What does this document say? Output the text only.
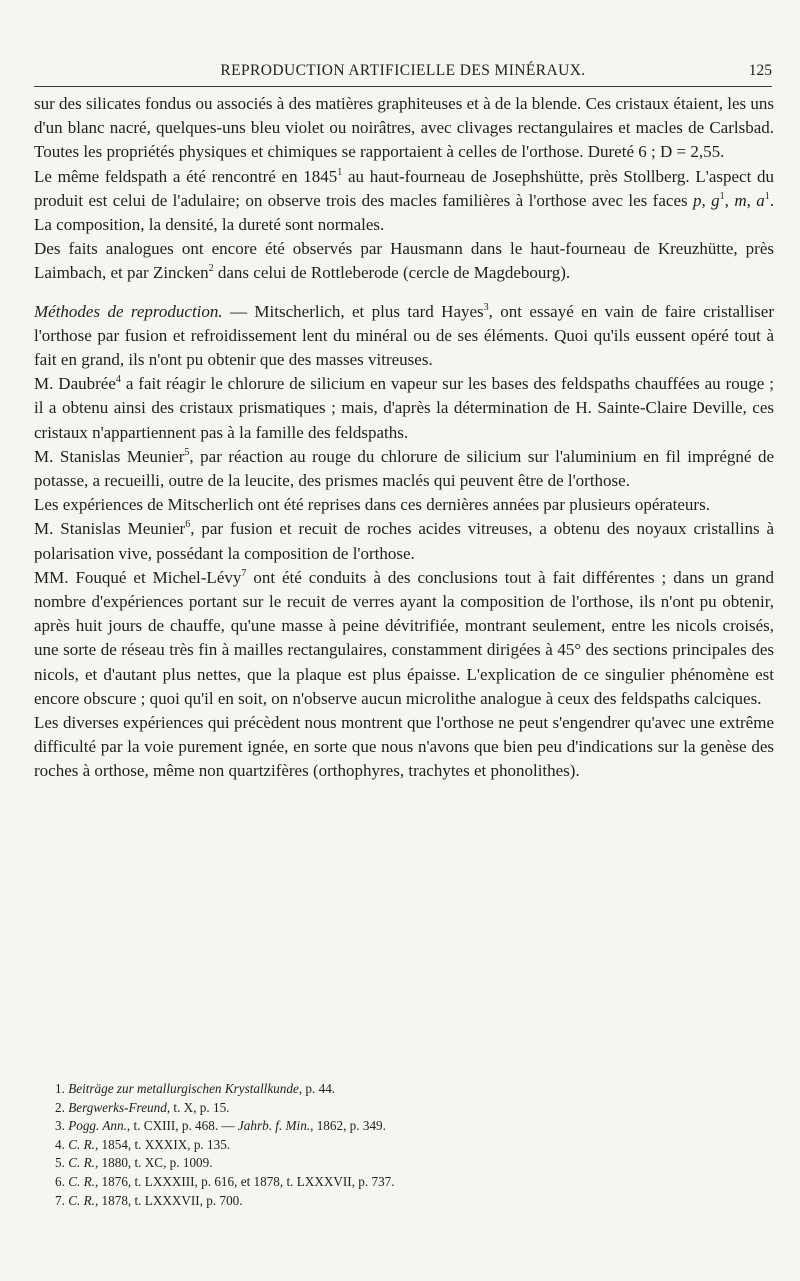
REPRODUCTION ARTIFICIELLE DES MINÉRAUX.	125

sur des silicates fondus ou associés à des matières graphiteuses et à de la blende. Ces cristaux étaient, les uns d'un blanc nacré, quelques-uns bleu violet ou noirâtres, avec clivages rectangulaires et macles de Carlsbad. Toutes les propriétés physiques et chimiques se rapportaient à celles de l'orthose. Dureté 6 ; D = 2,55.

Le même feldspath a été rencontré en 1845$^1$ au haut-fourneau de Josephshütte, près Stollberg. L'aspect du produit est celui de l'adulaire; on observe trois des macles familières à l'orthose avec les faces p, $g^1$, m, $a^1$. La composition, la densité, la dureté sont normales.

Des faits analogues ont encore été observés par Hausmann dans le haut-fourneau de Kreuzhütte, près Laimbach, et par Zincken$^2$ dans celui de Rottleberode (cercle de Magdebourg).

Méthodes de reproduction. — Mitscherlich, et plus tard Hayes$^3$, ont essayé en vain de faire cristalliser l'orthose par fusion et refroidissement lent du minéral ou de ses éléments. Quoi qu'ils eussent opéré tout à fait en grand, ils n'ont pu obtenir que des masses vitreuses.

M. Daubrée$^4$ a fait réagir le chlorure de silicium en vapeur sur les bases des feldspaths chauffées au rouge ; il a obtenu ainsi des cristaux prismatiques ; mais, d'après la détermination de H. Sainte-Claire Deville, ces cristaux n'appartiennent pas à la famille des feldspaths.

M. Stanislas Meunier$^5$, par réaction au rouge du chlorure de silicium sur l'aluminium en fil imprégné de potasse, a recueilli, outre de la leucite, des prismes maclés qui peuvent être de l'orthose.

Les expériences de Mitscherlich ont été reprises dans ces dernières années par plusieurs opérateurs.

M. Stanislas Meunier$^6$, par fusion et recuit de roches acides vitreuses, a obtenu des noyaux cristallins à polarisation vive, possédant la composition de l'orthose.

MM. Fouqué et Michel-Lévy$^7$ ont été conduits à des conclusions tout à fait différentes ; dans un grand nombre d'expériences portant sur le recuit de verres ayant la composition de l'orthose, ils n'ont pu obtenir, après huit jours de chauffe, qu'une masse à peine dévitrifiée, montrant seulement, entre les nicols croisés, une sorte de réseau très fin à mailles rectangulaires, constamment dirigées à 45° des sections principales des nicols, et d'autant plus nettes, que la plaque est plus épaisse. L'explication de ce singulier phénomène est encore obscure ; quoi qu'il en soit, on n'observe aucun microlithe analogue à ceux des feldspaths calciques.

Les diverses expériences qui précèdent nous montrent que l'orthose ne peut s'engendrer qu'avec une extrême difficulté par la voie purement ignée, en sorte que nous n'avons que bien peu d'indications sur la genèse des roches à orthose, même non quartzifères (orthophyres, trachytes et phonolithes).

1. Beiträge zur metallurgischen Krystallkunde, p. 44.
2. Bergwerks-Freund, t. X, p. 15.
3. Pogg. Ann., t. CXIII, p. 468. — Jahrb. f. Min., 1862, p. 349.
4. C. R., 1854, t. XXXIX, p. 135.
5. C. R., 1880, t. XC, p. 1009.
6. C. R., 1876, t. LXXXIII, p. 616, et 1878, t. LXXXVII, p. 737.
7. C. R., 1878, t. LXXXVII, p. 700.
